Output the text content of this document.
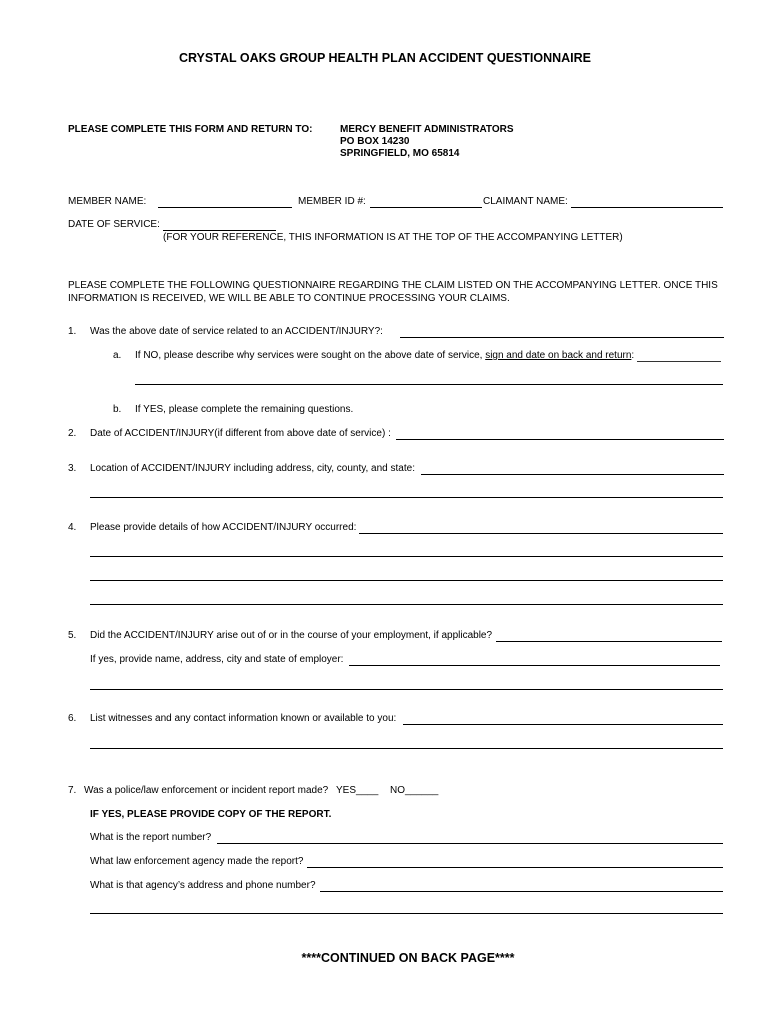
CRYSTAL OAKS GROUP HEALTH PLAN ACCIDENT QUESTIONNAIRE
PLEASE COMPLETE THIS FORM AND RETURN TO:	MERCY BENEFIT ADMINISTRATORS
PO BOX 14230
SPRINGFIELD, MO 65814
MEMBER NAME:	MEMBER ID #:	CLAIMANT NAME:
DATE OF SERVICE:
(FOR YOUR REFERENCE, THIS INFORMATION IS AT THE TOP OF THE ACCOMPANYING LETTER)
PLEASE COMPLETE THE FOLLOWING QUESTIONNAIRE REGARDING THE CLAIM LISTED ON THE ACCOMPANYING LETTER. ONCE THIS INFORMATION IS RECEIVED, WE WILL BE ABLE TO CONTINUE PROCESSING YOUR CLAIMS.
1. Was the above date of service related to an ACCIDENT/INJURY?:
a. If NO, please describe why services were sought on the above date of service, sign and date on back and return:
b. If YES, please complete the remaining questions.
2. Date of ACCIDENT/INJURY(if different from above date of service) :
3. Location of ACCIDENT/INJURY including address, city, county, and state:
4. Please provide details of how ACCIDENT/INJURY occurred:
5. Did the ACCIDENT/INJURY arise out of or in the course of your employment, if applicable?
If yes, provide name, address, city and state of employer:
6. List witnesses and any contact information known or available to you:
7. Was a police/law enforcement or incident report made? YES____ NO______
IF YES, PLEASE PROVIDE COPY OF THE REPORT.
What is the report number?
What law enforcement agency made the report?
What is that agency’s address and phone number?
****CONTINUED ON BACK PAGE****
